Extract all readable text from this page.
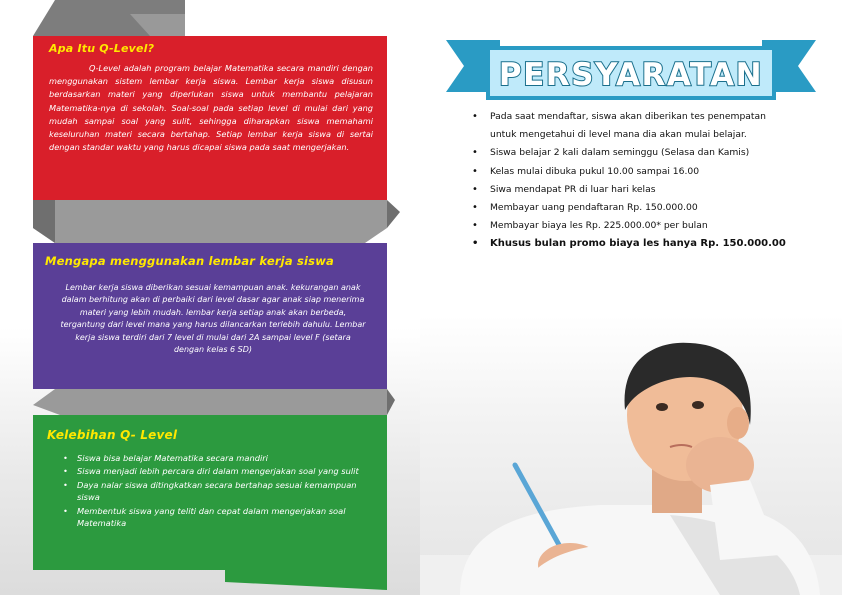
Apa Itu Q-Level?

Q-Level adalah program belajar Matematika secara mandiri dengan menggunakan sistem lembar kerja siswa. Lembar kerja siswa disusun berdasarkan materi yang diperlukan siswa untuk membantu pelajaran Matematika-nya di sekolah. Soal-soal pada setiap level di mulai dari yang mudah sampai soal yang sulit, sehingga diharapkan siswa memahami keseluruhan materi secara bertahap. Setiap lembar kerja siswa di sertai dengan standar waktu yang harus dicapai siswa pada saat mengerjakan.

Mengapa menggunakan lembar kerja siswa

Lembar kerja siswa diberikan sesuai kemampuan anak. kekurangan anak dalam berhitung akan di perbaiki dari level dasar agar anak siap menerima materi yang lebih mudah. lembar kerja setiap anak akan berbeda, tergantung dari level mana yang harus dilancarkan terlebih dahulu. Lembar kerja siswa terdiri dari 7 level di mulai dari 2A sampai level F (setara dengan kelas 6 SD)

Kelebihan Q- Level
• Siswa bisa belajar Matematika secara mandiri
• Siswa menjadi lebih percara diri dalam mengerjakan soal yang sulit
• Daya nalar siswa ditingkatkan secara bertahap sesuai kemampuan siswa
• Membentuk siswa yang teliti dan cepat dalam mengerjakan soal Matematika
PERSYARATAN
• Pada saat mendaftar, siswa akan diberikan tes penempatan
untuk mengetahui di level mana dia akan mulai belajar.
• Siswa belajar 2 kali dalam seminggu (Selasa dan Kamis)
• Kelas mulai dibuka pukul 10.00 sampai 16.00
• Siwa mendapat PR di luar hari kelas
• Membayar uang pendaftaran Rp. 150.000.00
• Membayar biaya les Rp. 225.000.00* per bulan
• Khusus bulan promo biaya les hanya Rp. 150.000.00
